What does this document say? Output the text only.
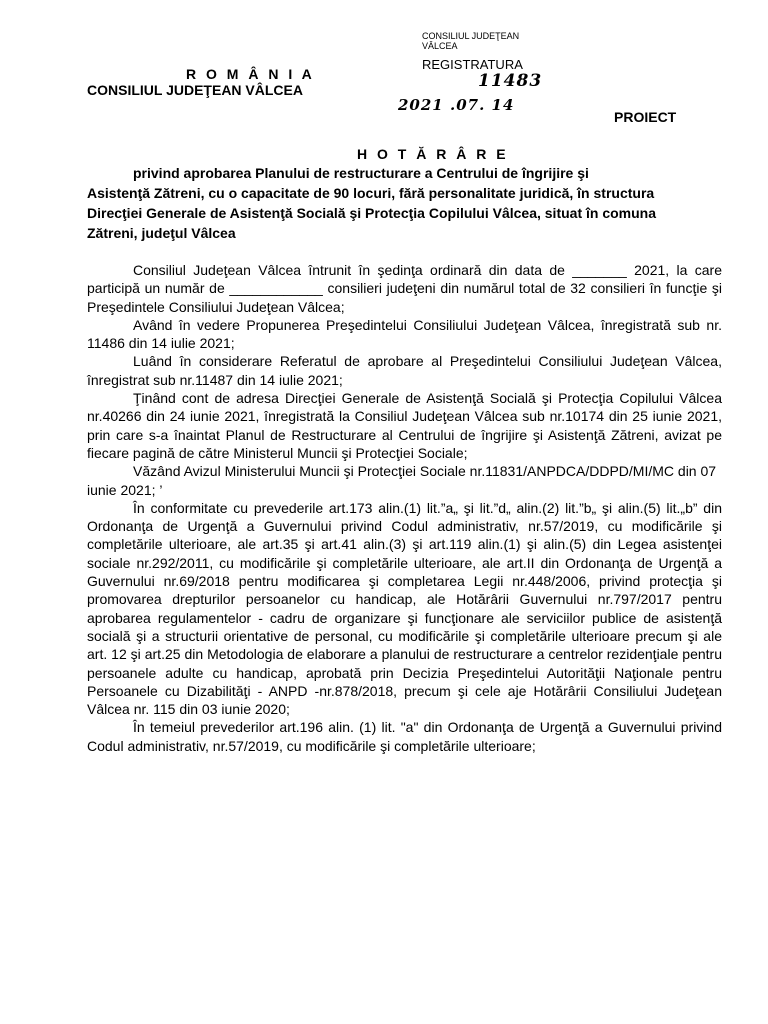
CONSILIUL JUDEŢEAN
VÂLCEA
REGISTRATURA
11483
2021 .07. 14
R O M Â N I A
CONSILIUL JUDEŢEAN VÂLCEA
PROIECT
H O T Ă R Â R E
privind aprobarea Planului de restructurare a Centrului de îngrijire şi
Asistenţă Zătreni, cu o capacitate de 90 locuri, fără personalitate juridică, în structura Direcţiei Generale de Asistenţă Socială şi Protecţia Copilului Vâlcea, situat în comuna Zătreni, judeţul Vâlcea

Consiliul Judeţean Vâlcea întrunit în şedinţa ordinară din data de _______ 2021, la care participă un număr de ____________ consilieri judeţeni din numărul total de 32 consilieri în funcţie şi Preşedintele Consiliului Judeţean Vâlcea;

Având în vedere Propunerea Preşedintelui Consiliului Judeţean Vâlcea, înregistrată sub nr. 11486 din 14 iulie 2021;

Luând în considerare Referatul de aprobare al Preşedintelui Consiliului Judeţean Vâlcea, înregistrat sub nr.11487 din 14 iulie 2021;

Ţinând cont de adresa Direcţiei Generale de Asistenţă Socială şi Protecţia Copilului Vâlcea nr.40266 din 24 iunie 2021, înregistrată la Consiliul Judeţean Vâlcea sub nr.10174 din 25 iunie 2021, prin care s-a înaintat Planul de Restructurare al Centrului de îngrijire şi Asistenţă Zătreni, avizat pe fiecare pagină de către Ministerul Muncii şi Protecţiei Sociale;

Văzând Avizul Ministerului Muncii şi Protecţiei Sociale nr.11831/ANPDCA/DDPD/MI/MC din 07 iunie 2021; ’

În conformitate cu prevederile art.173 alin.(1) lit.”a„ şi lit.”d„ alin.(2) lit.”b„ şi alin.(5) lit.„b” din Ordonanţa de Urgenţă a Guvernului privind Codul administrativ, nr.57/2019, cu modificările şi completările ulterioare, ale art.35 şi art.41 alin.(3) şi art.119 alin.(1) şi alin.(5) din Legea asistenţei sociale nr.292/2011, cu modificările şi completările ulterioare, ale art.II din Ordonanţa de Urgenţă a Guvernului nr.69/2018 pentru modificarea şi completarea Legii nr.448/2006, privind protecţia şi promovarea drepturilor persoanelor cu handicap, ale Hotărârii Guvernului nr.797/2017 pentru aprobarea regulamentelor - cadru de organizare şi funcţionare ale serviciilor publice de asistenţă socială şi a structurii orientative de personal, cu modificările şi completările ulterioare precum şi ale art. 12 şi art.25 din Metodologia de elaborare a planului de restructurare a centrelor rezidenţiale pentru persoanele adulte cu handicap, aprobată prin Decizia Preşedintelui Autorităţii Naţionale pentru Persoanele cu Dizabilităţi - ANPD -nr.878/2018, precum şi cele aje Hotărârii Consiliului Judeţean Vâlcea nr. 115 din 03 iunie 2020;

În temeiul prevederilor art.196 alin. (1) lit. "a" din Ordonanţa de Urgenţă a Guvernului privind Codul administrativ, nr.57/2019, cu modificările şi completările ulterioare;
